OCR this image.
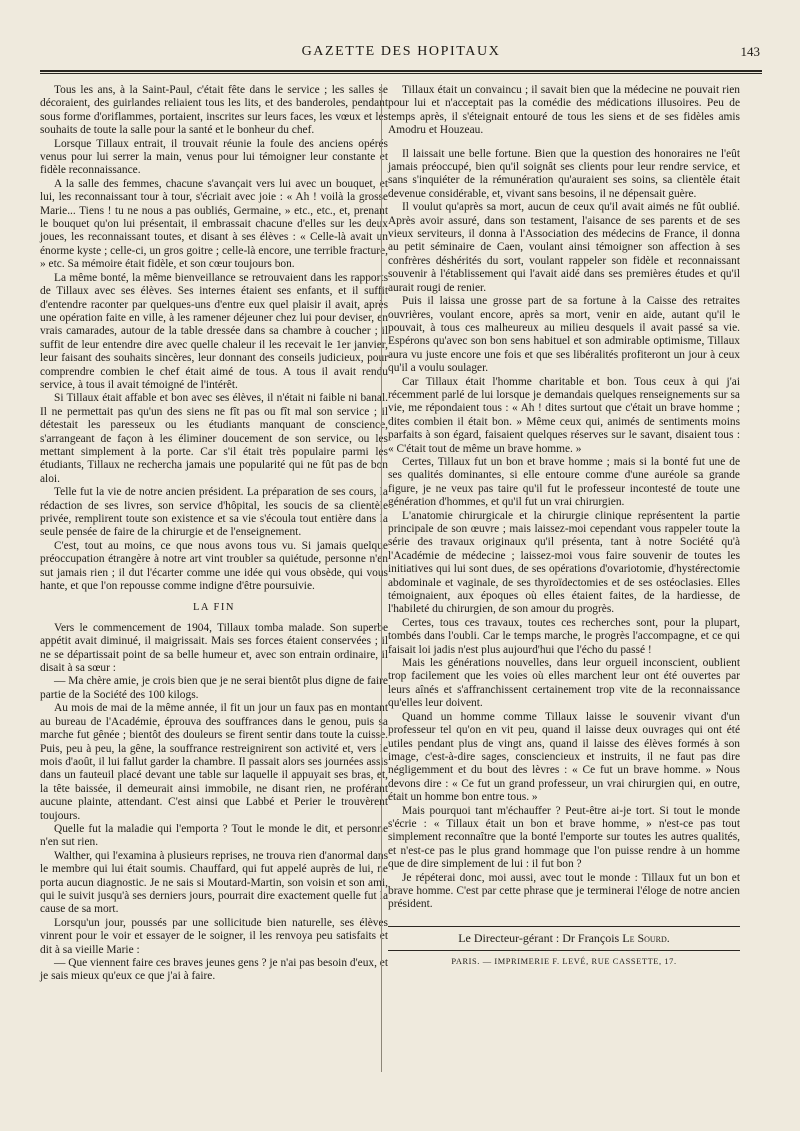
GAZETTE DES HOPITAUX	143

Tous les ans, à la Saint-Paul, c'était fête dans le service ; les salles se décoraient, des guirlandes reliaient tous les lits, et des banderoles, pendant sous forme d'oriflammes, portaient, inscrites sur leurs faces, les vœux et les souhaits de toute la salle pour la santé et le bonheur du chef.

Lorsque Tillaux entrait, il trouvait réunie la foule des anciens opérés venus pour lui serrer la main, venus pour lui témoigner leur constante et fidèle reconnaissance.

A la salle des femmes, chacune s'avançait vers lui avec un bouquet, et lui, les reconnaissant tour à tour, s'écriait avec joie : « Ah ! voilà la grosse Marie... Tiens ! tu ne nous a pas oubliés, Germaine, » etc., etc., et, prenant le bouquet qu'on lui présentait, il embrassait chacune d'elles sur les deux joues, les reconnaissant toutes, et disant à ses élèves : « Celle-là avait un énorme kyste ; celle-ci, un gros goitre ; celle-là encore, une terrible fracture, » etc. Sa mémoire était fidèle, et son cœur toujours bon.

La même bonté, la même bienveillance se retrouvaient dans les rapports de Tillaux avec ses élèves. Ses internes étaient ses enfants, et il suffit d'entendre raconter par quelques-uns d'entre eux quel plaisir il avait, après une opération faite en ville, à les ramener déjeuner chez lui pour deviser, en vrais camarades, autour de la table dressée dans sa chambre à coucher ; il suffit de leur entendre dire avec quelle chaleur il les recevait le 1er janvier, leur faisant des souhaits sincères, leur donnant des conseils judicieux, pour comprendre combien le chef était aimé de tous. A tous il avait rendu service, à tous il avait témoigné de l'intérêt.

Si Tillaux était affable et bon avec ses élèves, il n'était ni faible ni banal. Il ne permettait pas qu'un des siens ne fît pas ou fît mal son service ; il détestait les paresseux ou les étudiants manquant de conscience, s'arrangeant de façon à les éliminer doucement de son service, ou les mettant simplement à la porte. Car s'il était très populaire parmi les étudiants, Tillaux ne rechercha jamais une popularité qui ne fût pas de bon aloi.

Telle fut la vie de notre ancien président. La préparation de ses cours, la rédaction de ses livres, son service d'hôpital, les soucis de sa clientèle privée, remplirent toute son existence et sa vie s'écoula tout entière dans la seule pensée de faire de la chirurgie et de l'enseignement.

C'est, tout au moins, ce que nous avons tous vu. Si jamais quelque préoccupation étrangère à notre art vint troubler sa quiétude, personne n'en sut jamais rien ; il dut l'écarter comme une idée qui vous obsède, qui vous hante, et que l'on repousse comme indigne d'être poursuivie.

LA FIN

Vers le commencement de 1904, Tillaux tomba malade. Son superbe appétit avait diminué, il maigrissait. Mais ses forces étaient conservées ; il ne se départissait point de sa belle humeur et, avec son entrain ordinaire, il disait à sa sœur :

— Ma chère amie, je crois bien que je ne serai bientôt plus digne de faire partie de la Société des 100 kilogs.

Au mois de mai de la même année, il fit un jour un faux pas en montant au bureau de l'Académie, éprouva des souffrances dans le genou, puis sa marche fut gênée ; bientôt des douleurs se firent sentir dans toute la cuisse. Puis, peu à peu, la gêne, la souffrance restreignirent son activité et, vers le mois d'août, il lui fallut garder la chambre. Il passait alors ses journées assis dans un fauteuil placé devant une table sur laquelle il appuyait ses bras, et, la tête baissée, il demeurait ainsi immobile, ne disant rien, ne proférant aucune plainte, attendant. C'est ainsi que Labbé et Perier le trouvèrent toujours.

Quelle fut la maladie qui l'emporta ? Tout le monde le dit, et personne n'en sut rien.

Walther, qui l'examina à plusieurs reprises, ne trouva rien d'anormal dans le membre qui lui était soumis. Chauffard, qui fut appelé auprès de lui, ne porta aucun diagnostic. Je ne sais si Moutard-Martin, son voisin et son ami, qui le suivit jusqu'à ses derniers jours, pourrait dire exactement quelle fut la cause de sa mort.

Lorsqu'un jour, poussés par une sollicitude bien naturelle, ses élèves vinrent pour le voir et essayer de le soigner, il les renvoya peu satisfaits et dit à sa vieille Marie :

— Que viennent faire ces braves jeunes gens ? je n'ai pas besoin d'eux, et je sais mieux qu'eux ce que j'ai à faire.

Tillaux était un convaincu ; il savait bien que la médecine ne pouvait rien pour lui et n'acceptait pas la comédie des médications illusoires. Peu de temps après, il s'éteignait entouré de tous les siens et de ses fidèles amis Amodru et Houzeau.

Il laissait une belle fortune. Bien que la question des honoraires ne l'eût jamais préoccupé, bien qu'il soignât ses clients pour leur rendre service, et sans s'inquiéter de la rémunération qu'auraient ses soins, sa clientèle était devenue considérable, et, vivant sans besoins, il ne dépensait guère.

Il voulut qu'après sa mort, aucun de ceux qu'il avait aimés ne fût oublié. Après avoir assuré, dans son testament, l'aisance de ses parents et de ses vieux serviteurs, il donna à l'Association des médecins de France, il donna au petit séminaire de Caen, voulant ainsi témoigner son affection à ses confrères déshérités du sort, voulant rappeler son fidèle et reconnaissant souvenir à l'établissement qui l'avait aidé dans ses premières études et qu'il aurait rougi de renier.

Puis il laissa une grosse part de sa fortune à la Caisse des retraites ouvrières, voulant encore, après sa mort, venir en aide, autant qu'il le pouvait, à tous ces malheureux au milieu desquels il avait passé sa vie. Espérons qu'avec son bon sens habituel et son admirable optimisme, Tillaux aura vu juste encore une fois et que ses libéralités profiteront un jour à ceux qu'il a voulu soulager.

Car Tillaux était l'homme charitable et bon. Tous ceux à qui j'ai récemment parlé de lui lorsque je demandais quelques renseignements sur sa vie, me répondaient tous : « Ah ! dites surtout que c'était un brave homme ; dites combien il était bon. » Même ceux qui, animés de sentiments moins parfaits à son égard, faisaient quelques réserves sur le savant, disaient tous : « C'était tout de même un brave homme. »

Certes, Tillaux fut un bon et brave homme ; mais si la bonté fut une de ses qualités dominantes, si elle entoure comme d'une auréole sa grande figure, je ne veux pas taire qu'il fut le professeur incontesté de toute une génération d'hommes, et qu'il fut un vrai chirurgien.

L'anatomie chirurgicale et la chirurgie clinique représentent la partie principale de son œuvre ; mais laissez-moi cependant vous rappeler toute la série des travaux originaux qu'il présenta, tant à notre Société qu'à l'Académie de médecine ; laissez-moi vous faire souvenir de toutes les initiatives qui lui sont dues, de ses opérations d'ovariotomie, d'hystérectomie abdominale et vaginale, de ses thyroïdectomies et de ses ostéoclasies. Elles témoignaient, aux époques où elles étaient faites, de la hardiesse, de l'habileté du chirurgien, de son amour du progrès.

Certes, tous ces travaux, toutes ces recherches sont, pour la plupart, tombés dans l'oubli. Car le temps marche, le progrès l'accompagne, et ce qui faisait loi jadis n'est plus aujourd'hui que l'écho du passé !

Mais les générations nouvelles, dans leur orgueil inconscient, oublient trop facilement que les voies où elles marchent leur ont été ouvertes par leurs aînés et s'affranchissent certainement trop vite de la reconnaissance qu'elles leur doivent.

Quand un homme comme Tillaux laisse le souvenir vivant d'un professeur tel qu'on en vit peu, quand il laisse deux ouvrages qui ont été utiles pendant plus de vingt ans, quand il laisse des élèves formés à son image, c'est-à-dire sages, consciencieux et instruits, il ne faut pas dire négligemment et du bout des lèvres : « Ce fut un brave homme. » Nous devons dire : « Ce fut un grand professeur, un vrai chirurgien qui, en outre, était un homme bon entre tous. »

Mais pourquoi tant m'échauffer ? Peut-être ai-je tort. Si tout le monde s'écrie : « Tillaux était un bon et brave homme, » n'est-ce pas tout simplement reconnaître que la bonté l'emporte sur toutes les autres qualités, et n'est-ce pas le plus grand hommage que l'on puisse rendre à un homme que de dire simplement de lui : il fut bon ?

Je répéterai donc, moi aussi, avec tout le monde : Tillaux fut un bon et brave homme. C'est par cette phrase que je terminerai l'éloge de notre ancien président.

Le Directeur-gérant : Dr François Le Sourd.
PARIS. — IMPRIMERIE F. LEVÉ, RUE CASSETTE, 17.
